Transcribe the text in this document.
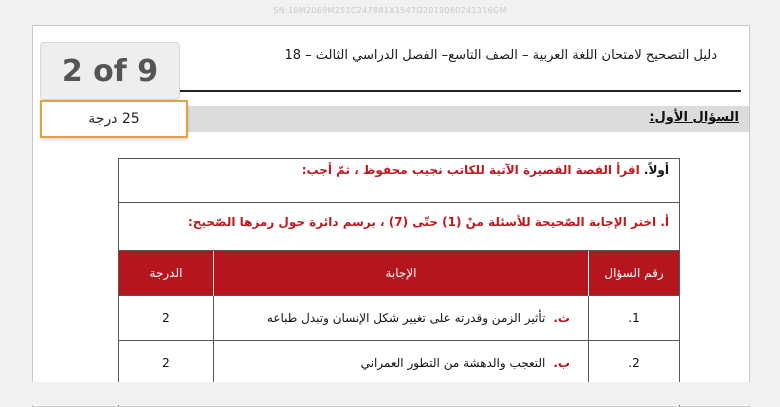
SN:10M2069M251C247881X1547D2019060241316GM
دليل التصحيح لامتحان اللغة العربية – الصف التاسع– الفصل الدراسي الثالث – 18
السؤال الأول:
أولاً. اقرأ القصة القصيرة الآتية للكاتب نجيب محفوظ ، ثمّ أجب:
أ. اختر الإجابة الصّحيحة للأسئلة منْ (1) حتّى (7) ، برسم دائرة حول رمزها الصّحيح:
رقم السؤال	الإجابة	الدرجة
1.	ث.تأثير الزمن وقدرته على تغيير شكل الإنسان وتبدل طباعه	2
2.	ب.التعجب والدهشة من التطور العمراني	2
2 of 9
25 درجة
